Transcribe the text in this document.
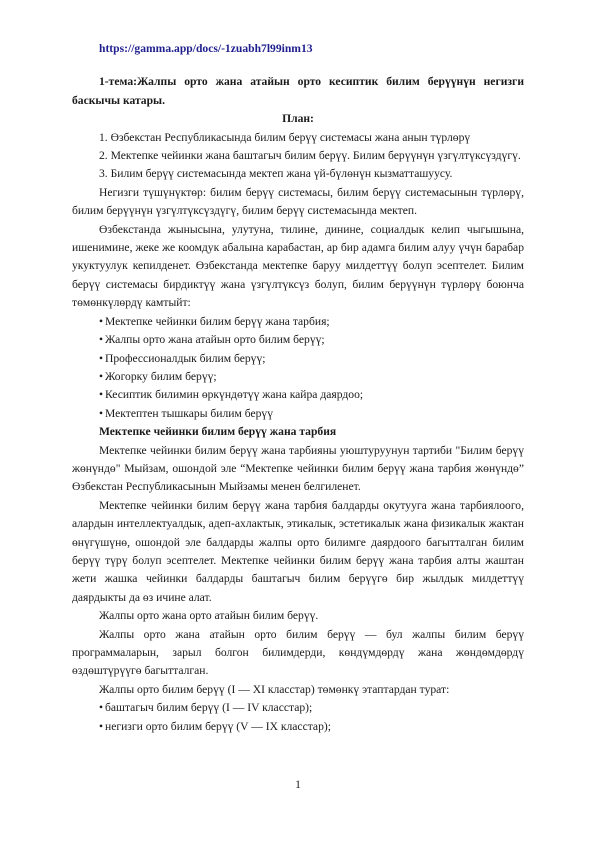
https://gamma.app/docs/-1zuabh7l99inm13

1-тема:Жалпы орто жана атайын орто кесиптик билим берүүнүн негизги баскычы катары.

План:

1. Өзбекстан Республикасында билим берүү системасы жана анын түрлөрү

2. Мектепке чейинки жана баштагыч билим берүү. Билим берүүнүн үзгүлтүксүздүгү.

3. Билим берүү системасында мектеп жана үй-бүлөнүн кызматташуусу.

Негизги түшүнүктөр: билим берүү системасы, билим берүү системасынын түрлөрү, билим берүүнүн үзгүлтүксүздүгү, билим берүү системасында мектеп.

Өзбекстанда жынысына, улутуна, тилине, динине, социалдык келип чыгышына, ишенимине, жеке же коомдук абалына карабастан, ар бир адамга билим алуу үчүн барабар укуктуулук кепилденет. Өзбекстанда мектепке баруу милдеттүү болуп эсептелет. Билим берүү системасы бирдиктүү жана үзгүлтүксүз болуп, билим берүүнүн түрлөрү боюнча төмөнкүлөрдү камтыйт:

• Мектепке чейинки билим берүү жана тарбия;

• Жалпы орто жана атайын орто билим берүү;

• Профессионалдык билим берүү;

• Жогорку билим берүү;

• Кесиптик билимин өркүндөтүү жана кайра даярдоо;

• Мектептен тышкары билим берүү

Мектепке чейинки билим берүү жана тарбия

Мектепке чейинки билим берүү жана тарбияны уюштуруунун тартиби "Билим берүү жөнүндө" Мыйзам, ошондой эле “Мектепке чейинки билим берүү жана тарбия жөнүндө” Өзбекстан Республикасынын Мыйзамы менен белгиленет.

Мектепке чейинки билим берүү жана тарбия балдарды окутууга жана тарбиялоого, алардын интеллектуалдык, адеп-ахлактык, этикалык, эстетикалык жана физикалык жактан өнүгүшүнө, ошондой эле балдарды жалпы орто билимге даярдоого багытталган билим берүү түрү болуп эсептелет. Мектепке чейинки билим берүү жана тарбия алты жаштан жети жашка чейинки балдарды баштагыч билим берүүгө бир жылдык милдеттүү даярдыкты да өз ичине алат.

Жалпы орто жана орто атайын билим берүү.

Жалпы орто жана атайын орто билим берүү — бул жалпы билим берүү программаларын, зарыл болгон билимдерди, көндүмдөрдү жана жөндөмдөрдү өздөштүрүүгө багытталган.

Жалпы орто билим берүү (I — XI класстар) төмөнкү этаптардан турат:

• баштагыч билим берүү (I — IV класстар);

• негизги орто билим берүү (V — IX класстар);

1
